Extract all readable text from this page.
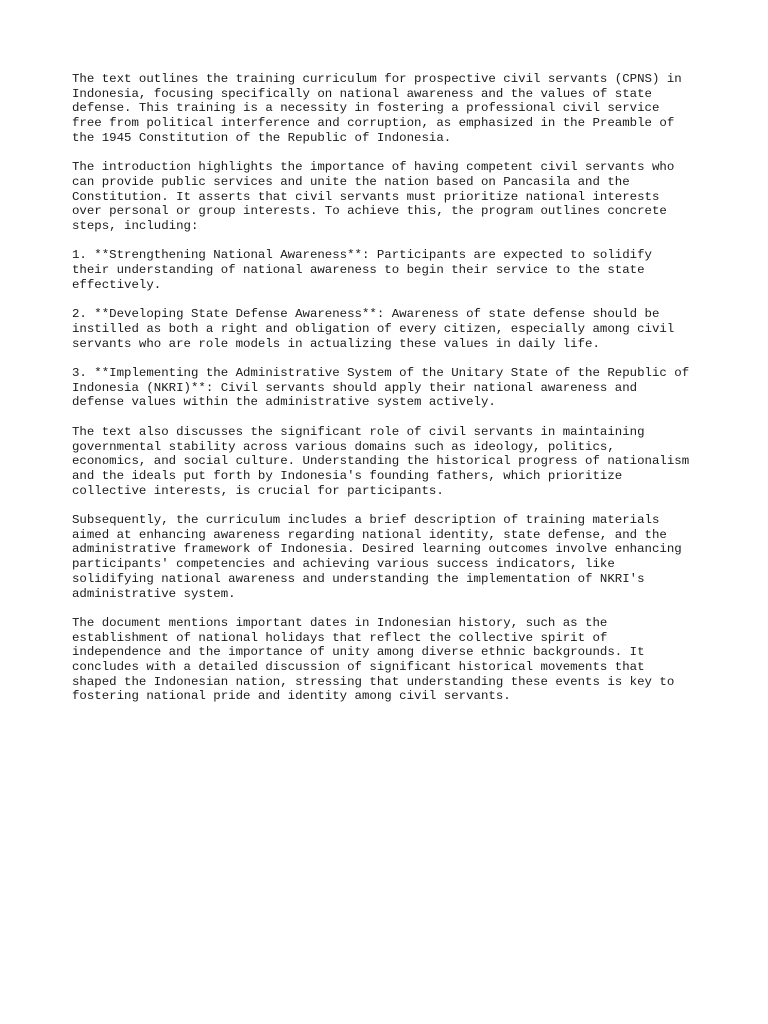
The text outlines the training curriculum for prospective civil servants (CPNS) in
Indonesia, focusing specifically on national awareness and the values of state
defense. This training is a necessity in fostering a professional civil service
free from political interference and corruption, as emphasized in the Preamble of
the 1945 Constitution of the Republic of Indonesia.

The introduction highlights the importance of having competent civil servants who
can provide public services and unite the nation based on Pancasila and the
Constitution. It asserts that civil servants must prioritize national interests
over personal or group interests. To achieve this, the program outlines concrete
steps, including:

1. **Strengthening National Awareness**: Participants are expected to solidify
their understanding of national awareness to begin their service to the state
effectively.

2. **Developing State Defense Awareness**: Awareness of state defense should be
instilled as both a right and obligation of every citizen, especially among civil
servants who are role models in actualizing these values in daily life.

3. **Implementing the Administrative System of the Unitary State of the Republic of
Indonesia (NKRI)**: Civil servants should apply their national awareness and
defense values within the administrative system actively.

The text also discusses the significant role of civil servants in maintaining
governmental stability across various domains such as ideology, politics,
economics, and social culture. Understanding the historical progress of nationalism
and the ideals put forth by Indonesia's founding fathers, which prioritize
collective interests, is crucial for participants.

Subsequently, the curriculum includes a brief description of training materials
aimed at enhancing awareness regarding national identity, state defense, and the
administrative framework of Indonesia. Desired learning outcomes involve enhancing
participants' competencies and achieving various success indicators, like
solidifying national awareness and understanding the implementation of NKRI's
administrative system.

The document mentions important dates in Indonesian history, such as the
establishment of national holidays that reflect the collective spirit of
independence and the importance of unity among diverse ethnic backgrounds. It
concludes with a detailed discussion of significant historical movements that
shaped the Indonesian nation, stressing that understanding these events is key to
fostering national pride and identity among civil servants.
